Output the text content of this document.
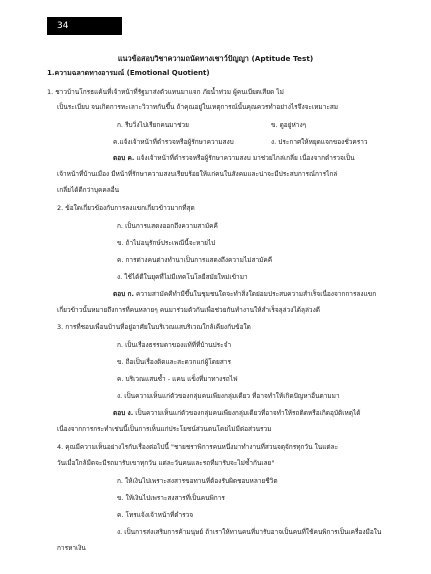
34
แนวข้อสอบวิชาความถนัดทางเชาว์ปัญญา (Aptitude Test)
1.ความฉลาดทางอารมณ์ (Emotional Quotient)
1. ชาวบ้านโกรธแค้นที่เจ้าหน้าที่รัฐมาส่งตัวแทนมาแจก ภัยน้ำท่วม ผู้คนเบียดเสียด ไม่
เป็นระเบียบ จนเกิดการทะเลาะวิวาทกันขึ้น ถ้าคุณอยู่ในเหตุการณ์นั้นคุณควรทำอย่างไรจึงจะเหมาะสม
ก. รีบวิ่งไปเรียกคนมาช่วย	ข. ดูอยู่ห่างๆ
ค.แจ้งเจ้าหน้าที่ตำรวจหรือผู้รักษาความสงบ	ง. ประกาศให้หยุดแจกของชั่วคราว
ตอบ ค. แจ้งเจ้าหน้าที่ตำรวจหรือผู้รักษาความสงบ มาช่วยไกล่เกลี่ย เนื่องจากตำรวจเป็น
เจ้าหน้าที่บ้านเมือง มีหน้าที่รักษาความสงบเรียบร้อยให้แก่คนในสังคมและน่าจะมีประสบการณ์การไกล่
เกลี่ยได้ดีกว่าบุคคลอื่น
2. ข้อใดเกี่ยวข้องกับการลงแขกเกี่ยวข้าวมากที่สุด
ก. เป็นการแสดงออกถึงความสามัคคี
ข. ถ้าไม่อนุรักษ์ประเพณีนี้จะหายไป
ค. การต่างคนต่างทำนาเป็นการแสดงถึงความไม่สามัคคี
ง. ใช้ได้ดีในยุคที่ไม่มีเทคโนโลยีสมัยใหม่เข้ามา
ตอบ ก. ความสามัคคีทำมีขึ้นในชุมชนใดจะทำสิ่งใดย่อมประสบความสำเร็จเนื่องจากการลงแขก
เกี่ยวข้าวนั้นหมายถึงการที่คนหลายๆ คนมาร่วมตัวกันเพื่อช่วยกันทำงานให้สำเร็จลุล่วงได้ลุล่วงดี
3. การที่ชอบเพื่อนบ้านที่อยู่อาศัยในบริเวณแสบริเวณใกล้เคียงกับข้อใด
ก. เป็นเรื่องธรรมดาของแท้ที่ที่บ้านประจำ
ข. ถือเป็นเรื่องติดและสะดวกแก่ผู้โดยสาร
ค. บริเวณแสนซ้ำ - แคน แข็งที่มาทางรถไฟ
ง. เป็นความเห็นแก่ตัวของกลุ่มคนเพียงกลุ่มเดียว ที่อาจทำให้เกิดปัญหาอื่นตามมา
ตอบ ง. เป็นความเห็นแก่ตัวของกลุ่มคนเพียงกลุ่มเดียวที่อาจทำให้รถติดหรือเกิดอุบัติเหตุได้
เนื่องจากการกระทำเช่นนี้เป็นการเห็นแก่ประโยชน์ส่วนตนโดยไม่มีต่อส่วนรวม
4. คุณมีความเห็นอย่างไรกับเรื่องต่อไปนี้ "ชายชราพิการคนหนึ่งมาทำงานที่สวนจตุจักรทุกวัน ในแต่ละ
วันเมื่อใกล้มืดจะมีรถมารับเขาทุกวัน แต่ละวันคนและรถที่มารับจะไม่ซ้ำกันเลย"
ก. ให้เงินไปเพราะสงสารขอทานที่ต้องรับผิดชอบหลายชีวิต
ข. ให้เงินไปเพราะสงสารที่เป็นคนพิการ
ค. โทรแจ้งเจ้าหน้าที่ตำรวจ
ง. เป็นการส่งเสริมการค้ามนุษย์ ถ้าเราให้ทานคนที่มารับอาจเป็นคนที่ใช้คนพิการเป็นเครื่องมือใน
การหาเงิน
